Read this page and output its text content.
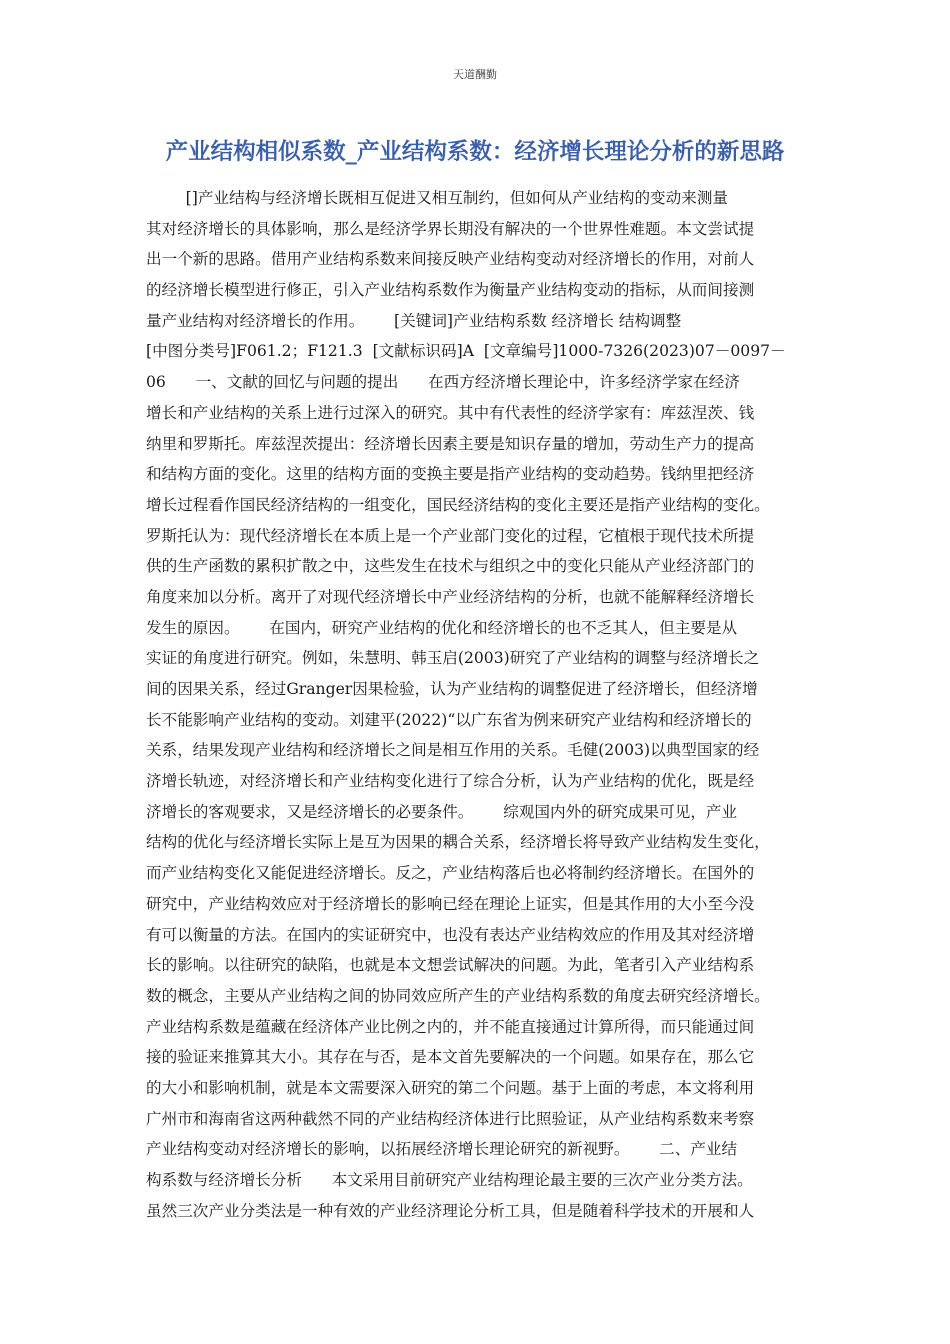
天道酬勤
产业结构相似系数_产业结构系数：经济增长理论分析的新思路
[]产业结构与经济增长既相互促进又相互制约，但如何从产业结构的变动来测量
其对经济增长的具体影响，那么是经济学界长期没有解决的一个世界性难题。本文尝试提
出一个新的思路。借用产业结构系数来间接反映产业结构变动对经济增长的作用，对前人
的经济增长模型进行修正，引入产业结构系数作为衡量产业结构变动的指标，从而间接测
量产业结构对经济增长的作用。      [关键词]产业结构系数 经济增长 结构调整
[中图分类号]F061.2；F121.3  [文献标识码]A  [文章编号]1000-7326(2023)07－0097－
06      一、文献的回忆与问题的提出      在西方经济增长理论中，许多经济学家在经济
增长和产业结构的关系上进行过深入的研究。其中有代表性的经济学家有：库兹涅茨、钱
纳里和罗斯托。库兹涅茨提出：经济增长因素主要是知识存量的增加，劳动生产力的提高
和结构方面的变化。这里的结构方面的变换主要是指产业结构的变动趋势。钱纳里把经济
增长过程看作国民经济结构的一组变化，国民经济结构的变化主要还是指产业结构的变化。
罗斯托认为：现代经济增长在本质上是一个产业部门变化的过程，它植根于现代技术所提
供的生产函数的累积扩散之中，这些发生在技术与组织之中的变化只能从产业经济部门的
角度来加以分析。离开了对现代经济增长中产业经济结构的分析，也就不能解释经济增长
发生的原因。      在国内，研究产业结构的优化和经济增长的也不乏其人，但主要是从
实证的角度进行研究。例如，朱慧明、韩玉启(2003)研究了产业结构的调整与经济增长之
间的因果关系，经过Granger因果检验，认为产业结构的调整促进了经济增长，但经济增
长不能影响产业结构的变动。刘建平(2022)“以广东省为例来研究产业结构和经济增长的
关系，结果发现产业结构和经济增长之间是相互作用的关系。毛健(2003)以典型国家的经
济增长轨迹，对经济增长和产业结构变化进行了综合分析，认为产业结构的优化，既是经
济增长的客观要求，又是经济增长的必要条件。      综观国内外的研究成果可见，产业
结构的优化与经济增长实际上是互为因果的耦合关系，经济增长将导致产业结构发生变化，
而产业结构变化又能促进经济增长。反之，产业结构落后也必将制约经济增长。在国外的
研究中，产业结构效应对于经济增长的影响已经在理论上证实，但是其作用的大小至今没
有可以衡量的方法。在国内的实证研究中，也没有表达产业结构效应的作用及其对经济增
长的影响。以往研究的缺陷，也就是本文想尝试解决的问题。为此，笔者引入产业结构系
数的概念，主要从产业结构之间的协同效应所产生的产业结构系数的角度去研究经济增长。
产业结构系数是蕴藏在经济体产业比例之内的，并不能直接通过计算所得，而只能通过间
接的验证来推算其大小。其存在与否，是本文首先要解决的一个问题。如果存在，那么它
的大小和影响机制，就是本文需要深入研究的第二个问题。基于上面的考虑，本文将利用
广州市和海南省这两种截然不同的产业结构经济体进行比照验证，从产业结构系数来考察
产业结构变动对经济增长的影响，以拓展经济增长理论研究的新视野。      二、产业结
构系数与经济增长分析      本文采用目前研究产业结构理论最主要的三次产业分类方法。
虽然三次产业分类法是一种有效的产业经济理论分析工具，但是随着科学技术的开展和人
